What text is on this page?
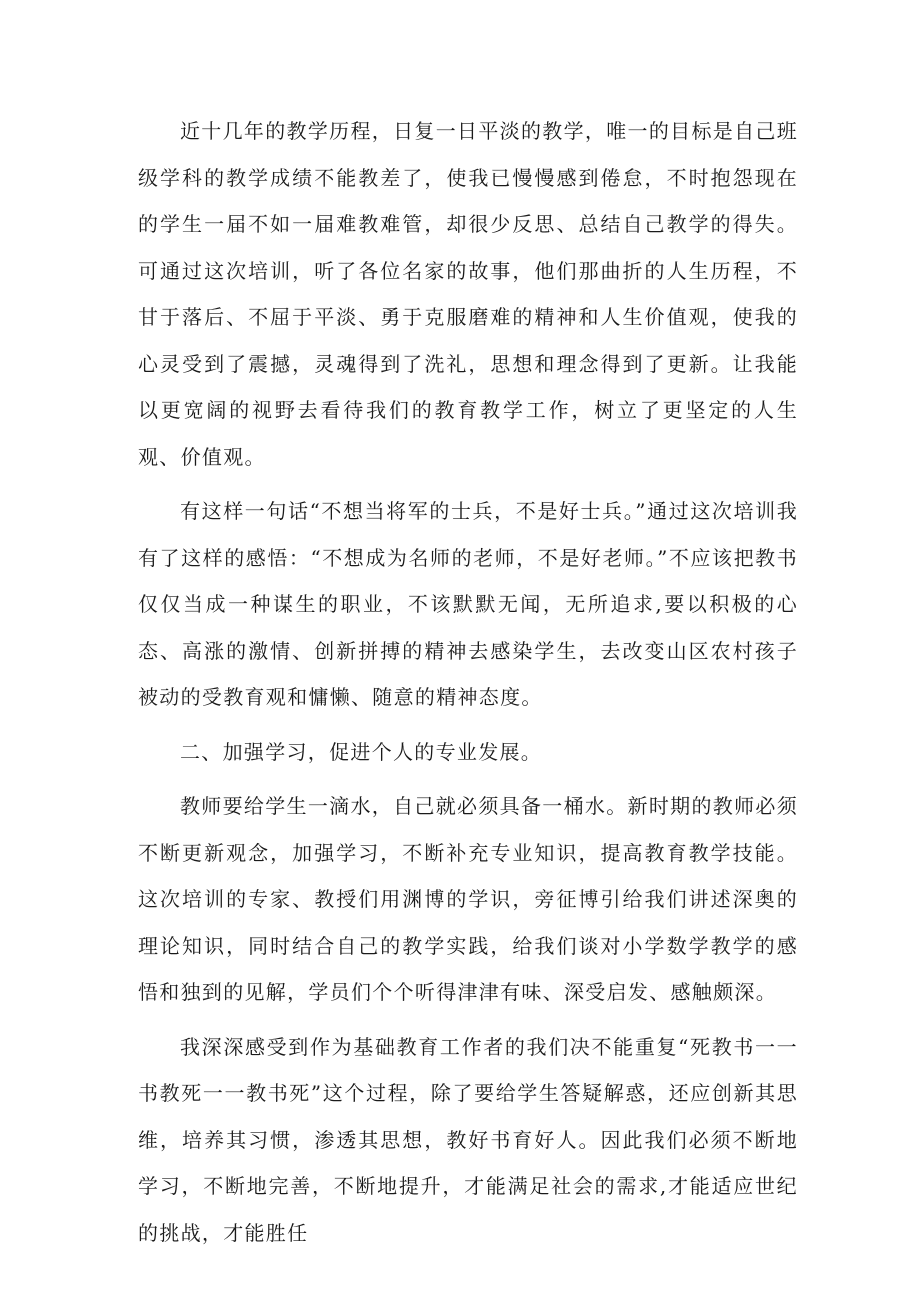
近十几年的教学历程，日复一日平淡的教学，唯一的目标是自己班级学科的教学成绩不能教差了，使我已慢慢感到倦怠，不时抱怨现在的学生一届不如一届难教难管，却很少反思、总结自己教学的得失。可通过这次培训，听了各位名家的故事，他们那曲折的人生历程，不甘于落后、不屈于平淡、勇于克服磨难的精神和人生价值观，使我的心灵受到了震撼，灵魂得到了洗礼，思想和理念得到了更新。让我能以更宽阔的视野去看待我们的教育教学工作，树立了更坚定的人生观、价值观。

有这样一句话“不想当将军的士兵，不是好士兵。”通过这次培训我有了这样的感悟：“不想成为名师的老师，不是好老师。”不应该把教书仅仅当成一种谋生的职业，不该默默无闻，无所追求,要以积极的心态、高涨的激情、创新拼搏的精神去感染学生，去改变山区农村孩子被动的受教育观和慵懒、随意的精神态度。

二、加强学习，促进个人的专业发展。

教师要给学生一滴水，自己就必须具备一桶水。新时期的教师必须不断更新观念，加强学习，不断补充专业知识，提高教育教学技能。这次培训的专家、教授们用渊博的学识，旁征博引给我们讲述深奥的理论知识，同时结合自己的教学实践，给我们谈对小学数学教学的感悟和独到的见解，学员们个个听得津津有味、深受启发、感触颇深。

我深深感受到作为基础教育工作者的我们决不能重复“死教书一一书教死一一教书死”这个过程，除了要给学生答疑解惑，还应创新其思维，培养其习惯，渗透其思想，教好书育好人。因此我们必须不断地学习，不断地完善，不断地提升，才能满足社会的需求,才能适应世纪的挑战，才能胜任
